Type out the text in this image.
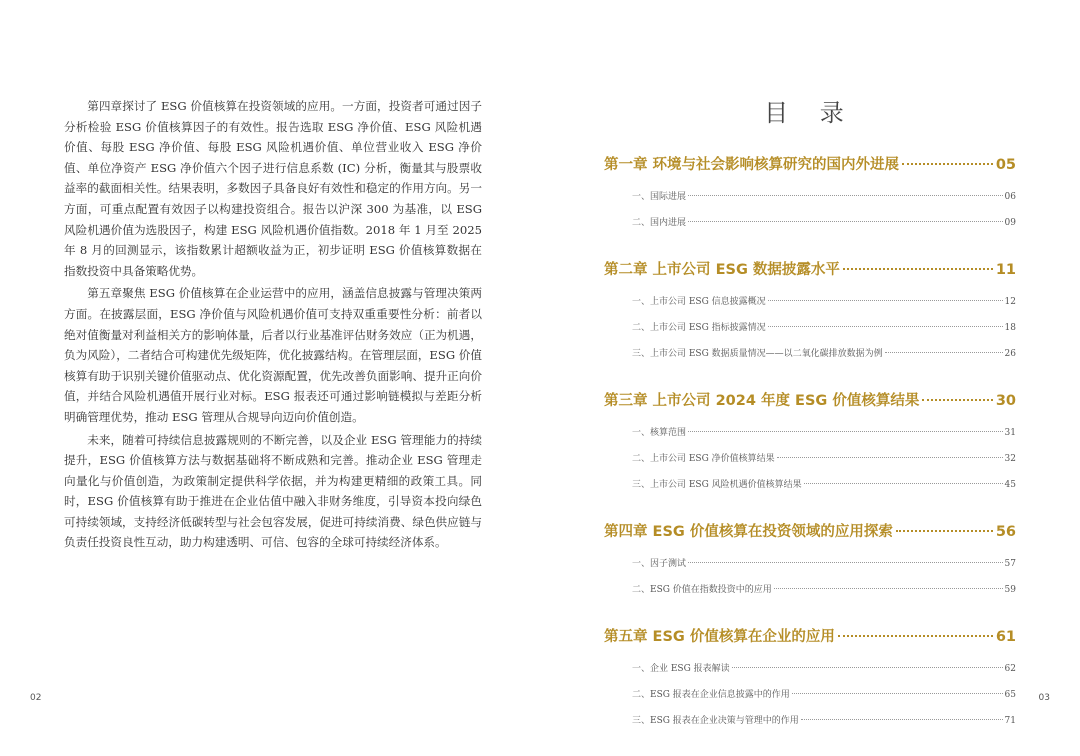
第四章探讨了 ESG 价值核算在投资领域的应用。一方面，投资者可通过因子分析检验 ESG 价值核算因子的有效性。报告选取 ESG 净价值、ESG 风险机遇价值、每股 ESG 净价值、每股 ESG 风险机遇价值、单位营业收入 ESG 净价值、单位净资产 ESG 净价值六个因子进行信息系数 (IC) 分析，衡量其与股票收益率的截面相关性。结果表明，多数因子具备良好有效性和稳定的作用方向。另一方面，可重点配置有效因子以构建投资组合。报告以沪深 300 为基准，以 ESG 风险机遇价值为选股因子，构建 ESG 风险机遇价值指数。2018 年 1 月至 2025 年 8 月的回测显示，该指数累计超额收益为正，初步证明 ESG 价值核算数据在指数投资中具备策略优势。

第五章聚焦 ESG 价值核算在企业运营中的应用，涵盖信息披露与管理决策两方面。在披露层面，ESG 净价值与风险机遇价值可支持双重重要性分析：前者以绝对值衡量对利益相关方的影响体量，后者以行业基准评估财务效应（正为机遇，负为风险），二者结合可构建优先级矩阵，优化披露结构。在管理层面，ESG 价值核算有助于识别关键价值驱动点、优化资源配置，优先改善负面影响、提升正向价值，并结合风险机遇值开展行业对标。ESG 报表还可通过影响链模拟与差距分析明确管理优势，推动 ESG 管理从合规导向迈向价值创造。

未来，随着可持续信息披露规则的不断完善，以及企业 ESG 管理能力的持续提升，ESG 价值核算方法与数据基础将不断成熟和完善。推动企业 ESG 管理走向量化与价值创造，为政策制定提供科学依据，并为构建更精细的政策工具。同时，ESG 价值核算有助于推进在企业估值中融入非财务维度，引导资本投向绿色可持续领域，支持经济低碳转型与社会包容发展，促进可持续消费、绿色供应链与负责任投资良性互动，助力构建透明、可信、包容的全球可持续经济体系。

02
目 录
第一章 环境与社会影响核算研究的国内外进展	05
一、国际进展	06
二、国内进展	09
第二章 上市公司 ESG 数据披露水平	11
一、上市公司 ESG 信息披露概况	12
二、上市公司 ESG 指标披露情况	18
三、上市公司 ESG 数据质量情况——以二氧化碳排放数据为例	26
第三章 上市公司 2024 年度 ESG 价值核算结果	30
一、核算范围	31
二、上市公司 ESG 净价值核算结果	32
三、上市公司 ESG 风险机遇价值核算结果	45
第四章 ESG 价值核算在投资领域的应用探索	56
一、因子测试	57
二、ESG 价值在指数投资中的应用	59
第五章 ESG 价值核算在企业的应用	61
一、企业 ESG 报表解读	62
二、ESG 报表在企业信息披露中的作用	65
三、ESG 报表在企业决策与管理中的作用	71
03
